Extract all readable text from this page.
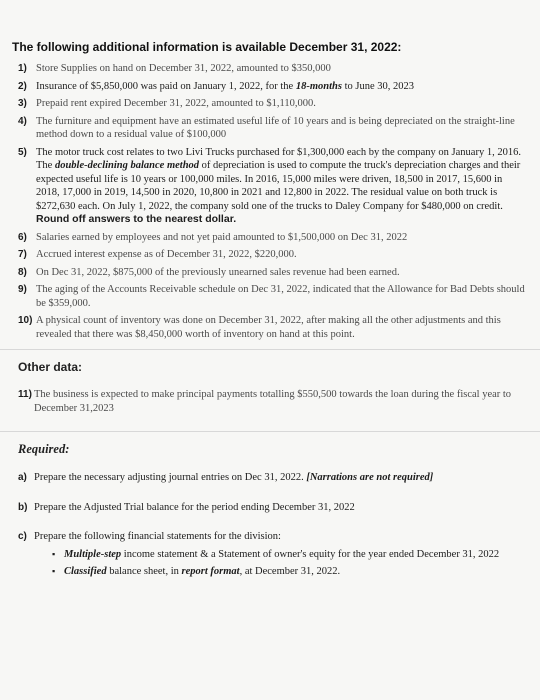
The following additional information is available December 31, 2022:
1) Store Supplies on hand on December 31, 2022, amounted to $350,000
2) Insurance of $5,850,000 was paid on January 1, 2022, for the 18-months to June 30, 2023
3) Prepaid rent expired December 31, 2022, amounted to $1,110,000.
4) The furniture and equipment have an estimated useful life of 10 years and is being depreciated on the straight-line method down to a residual value of $100,000
5) The motor truck cost relates to two Livi Trucks purchased for $1,300,000 each by the company on January 1, 2016. The double-declining balance method of depreciation is used to compute the truck's depreciation charges and their expected useful life is 10 years or 100,000 miles. In 2016, 15,000 miles were driven, 18,500 in 2017, 15,600 in 2018, 17,000 in 2019, 14,500 in 2020, 10,800 in 2021 and 12,800 in 2022. The residual value on both truck is $272,630 each. On July 1, 2022, the company sold one of the trucks to Daley Company for $480,000 on credit. Round off answers to the nearest dollar.
6) Salaries earned by employees and not yet paid amounted to $1,500,000 on Dec 31, 2022
7) Accrued interest expense as of December 31, 2022, $220,000.
8) On Dec 31, 2022, $875,000 of the previously unearned sales revenue had been earned.
9) The aging of the Accounts Receivable schedule on Dec 31, 2022, indicated that the Allowance for Bad Debts should be $359,000.
10) A physical count of inventory was done on December 31, 2022, after making all the other adjustments and this revealed that there was $8,450,000 worth of inventory on hand at this point.
Other data:
11) The business is expected to make principal payments totalling $550,500 towards the loan during the fiscal year to December 31,2023
Required:
a) Prepare the necessary adjusting journal entries on Dec 31, 2022. [Narrations are not required]
b) Prepare the Adjusted Trial balance for the period ending December 31, 2022
c) Prepare the following financial statements for the division:
▪ Multiple-step income statement & a Statement of owner's equity for the year ended December 31, 2022
▪ Classified balance sheet, in report format, at December 31, 2022.
